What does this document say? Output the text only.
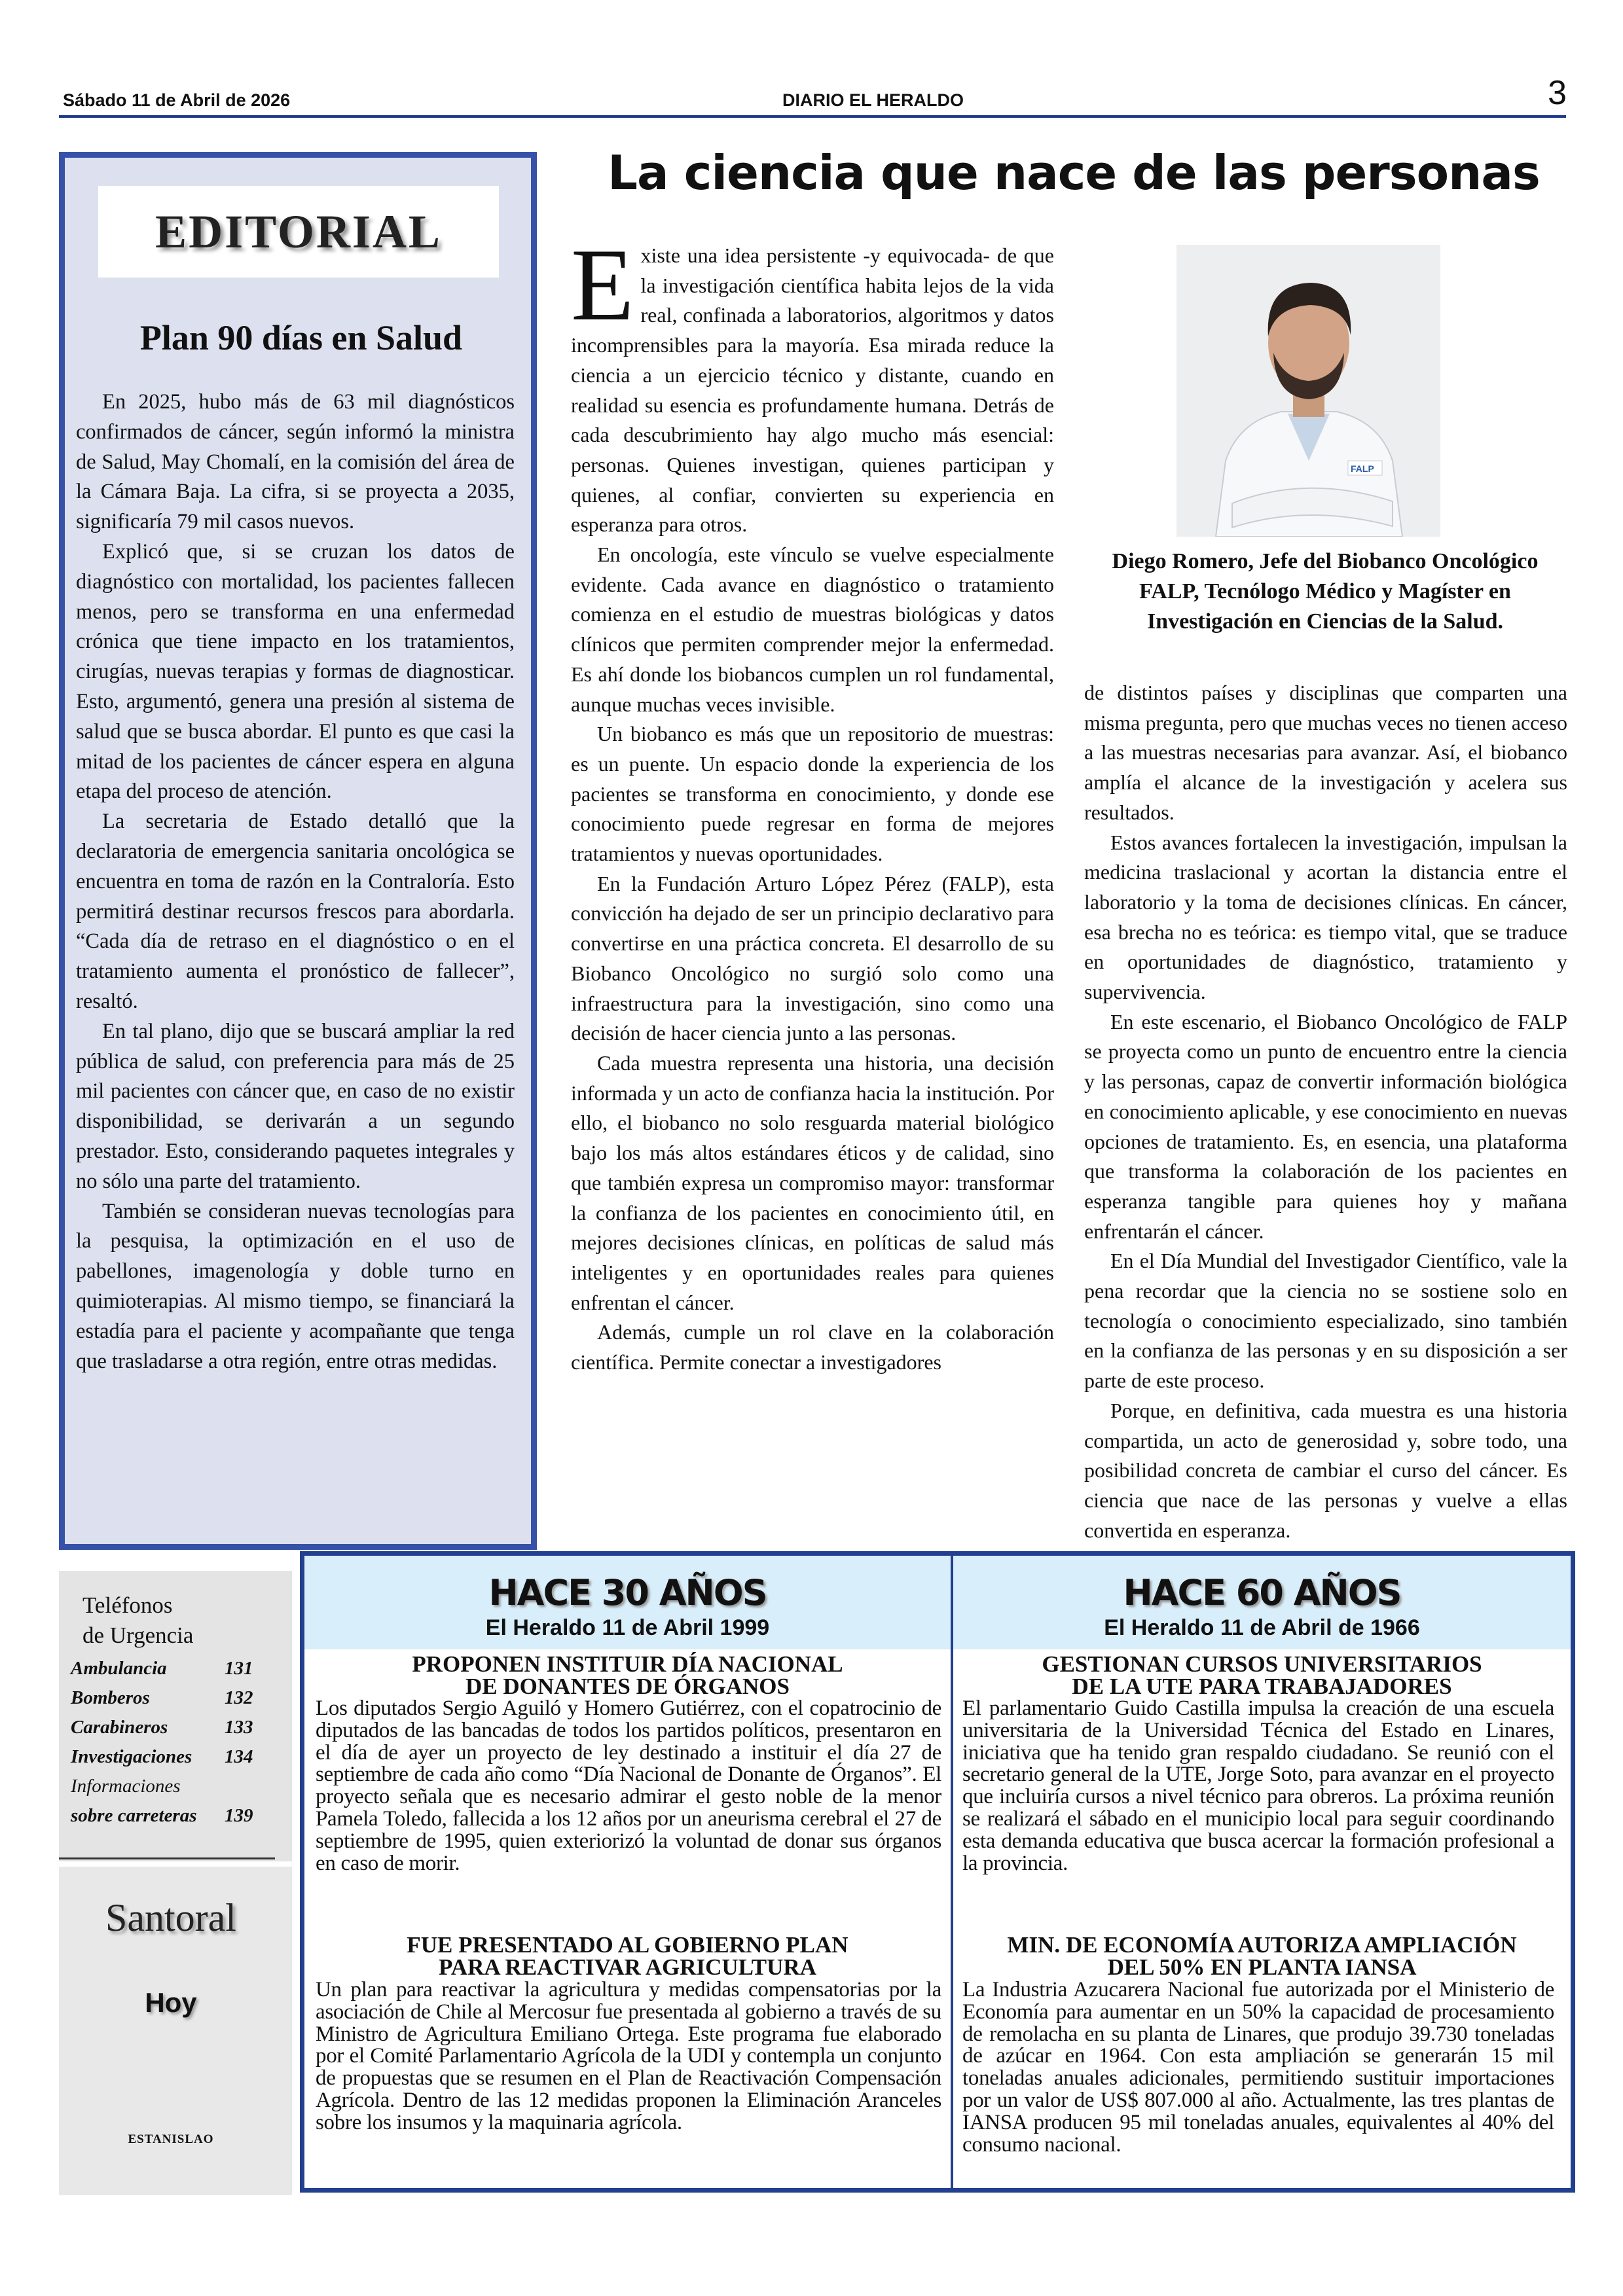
Sábado 11 de Abril de 2026	DIARIO EL HERALDO	3
EDITORIAL
Plan 90 días en Salud

En 2025, hubo más de 63 mil diagnósticos confirmados de cáncer, según informó la ministra de Salud, May Chomalí, en la comisión del área de la Cámara Baja. La cifra, si se proyecta a 2035, significaría 79 mil casos nuevos.

Explicó que, si se cruzan los datos de diagnóstico con mortalidad, los pacientes fallecen menos, pero se transforma en una enfermedad crónica que tiene impacto en los tratamientos, cirugías, nuevas terapias y formas de diagnosticar. Esto, argumentó, genera una presión al sistema de salud que se busca abordar. El punto es que casi la mitad de los pacientes de cáncer espera en alguna etapa del proceso de atención.

La secretaria de Estado detalló que la declaratoria de emergencia sanitaria oncológica se encuentra en toma de razón en la Contraloría. Esto permitirá destinar recursos frescos para abordarla. “Cada día de retraso en el diagnóstico o en el tratamiento aumenta el pronóstico de fallecer”, resaltó.

En tal plano, dijo que se buscará ampliar la red pública de salud, con preferencia para más de 25 mil pacientes con cáncer que, en caso de no existir disponibilidad, se derivarán a un segundo prestador. Esto, considerando paquetes integrales y no sólo una parte del tratamiento.

También se consideran nuevas tecnologías para la pesquisa, la optimización en el uso de pabellones, imagenología y doble turno en quimioterapias. Al mismo tiempo, se financiará la estadía para el paciente y acompañante que tenga que trasladarse a otra región, entre otras medidas.

La ciencia que nace de las personas

Existe una idea persistente -y equivocada- de que la investigación científica habita lejos de la vida real, confinada a laboratorios, algoritmos y datos incomprensibles para la mayoría. Esa mirada reduce la ciencia a un ejercicio técnico y distante, cuando en realidad su esencia es profundamente humana. Detrás de cada descubrimiento hay algo mucho más esencial: personas. Quienes investigan, quienes participan y quienes, al confiar, convierten su experiencia en esperanza para otros.

En oncología, este vínculo se vuelve especialmente evidente. Cada avance en diagnóstico o tratamiento comienza en el estudio de muestras biológicas y datos clínicos que permiten comprender mejor la enfermedad. Es ahí donde los biobancos cumplen un rol fundamental, aunque muchas veces invisible.

Un biobanco es más que un repositorio de muestras: es un puente. Un espacio donde la experiencia de los pacientes se transforma en conocimiento, y donde ese conocimiento puede regresar en forma de mejores tratamientos y nuevas oportunidades.

En la Fundación Arturo López Pérez (FALP), esta convicción ha dejado de ser un principio declarativo para convertirse en una práctica concreta. El desarrollo de su Biobanco Oncológico no surgió solo como una infraestructura para la investigación, sino como una decisión de hacer ciencia junto a las personas.

Cada muestra representa una historia, una decisión informada y un acto de confianza hacia la institución. Por ello, el biobanco no solo resguarda material biológico bajo los más altos estándares éticos y de calidad, sino que también expresa un compromiso mayor: transformar la confianza de los pacientes en conocimiento útil, en mejores decisiones clínicas, en políticas de salud más inteligentes y en oportunidades reales para quienes enfrentan el cáncer.

Además, cumple un rol clave en la colaboración científica. Permite conectar a investigadores

FALP
Diego Romero, Jefe del Biobanco Oncológico FALP, Tecnólogo Médico y Magíster en Investigación en Ciencias de la Salud.

de distintos países y disciplinas que comparten una misma pregunta, pero que muchas veces no tienen acceso a las muestras necesarias para avanzar. Así, el biobanco amplía el alcance de la investigación y acelera sus resultados.

Estos avances fortalecen la investigación, impulsan la medicina traslacional y acortan la distancia entre el laboratorio y la toma de decisiones clínicas. En cáncer, esa brecha no es teórica: es tiempo vital, que se traduce en oportunidades de diagnóstico, tratamiento y supervivencia.

En este escenario, el Biobanco Oncológico de FALP se proyecta como un punto de encuentro entre la ciencia y las personas, capaz de convertir información biológica en conocimiento aplicable, y ese conocimiento en nuevas opciones de tratamiento. Es, en esencia, una plataforma que transforma la colaboración de los pacientes en esperanza tangible para quienes hoy y mañana enfrentarán el cáncer.

En el Día Mundial del Investigador Científico, vale la pena recordar que la ciencia no se sostiene solo en tecnología o conocimiento especializado, sino también en la confianza de las personas y en su disposición a ser parte de este proceso.

Porque, en definitiva, cada muestra es una historia compartida, un acto de generosidad y, sobre todo, una posibilidad concreta de cambiar el curso del cáncer. Es ciencia que nace de las personas y vuelve a ellas convertida en esperanza.

Teléfonos
de Urgencia
Ambulancia	131
Bomberos	132
Carabineros	133
Investigaciones 134
Informaciones
sobre carreteras 139
Santoral
Hoy
ESTANISLAO
HACE 30 AÑOS
El Heraldo 11 de Abril 1999
PROPONEN INSTITUIR DÍA NACIONAL
DE DONANTES DE ÓRGANOS
Los diputados Sergio Aguiló y Homero Gutiérrez, con el copatrocinio de diputados de las bancadas de todos los partidos políticos, presentaron en el día de ayer un proyecto de ley destinado a instituir el día 27 de septiembre de cada año como “Día Nacional de Donante de Órganos”. El proyecto señala que es necesario admirar el gesto noble de la menor Pamela Toledo, fallecida a los 12 años por un aneurisma cerebral el 27 de septiembre de 1995, quien exteriorizó la voluntad de donar sus órganos en caso de morir.
FUE PRESENTADO AL GOBIERNO PLAN
PARA REACTIVAR AGRICULTURA
Un plan para reactivar la agricultura y medidas compensatorias por la asociación de Chile al Mercosur fue presentada al gobierno a través de su Ministro de Agricultura Emiliano Ortega. Este programa fue elaborado por el Comité Parlamentario Agrícola de la UDI y contempla un conjunto de propuestas que se resumen en el Plan de Reactivación Compensación Agrícola. Dentro de las 12 medidas proponen la Eliminación Aranceles sobre los insumos y la maquinaria agrícola.
HACE 60 AÑOS
El Heraldo 11 de Abril de 1966
GESTIONAN CURSOS UNIVERSITARIOS
DE LA UTE PARA TRABAJADORES
El parlamentario Guido Castilla impulsa la creación de una escuela universitaria de la Universidad Técnica del Estado en Linares, iniciativa que ha tenido gran respaldo ciudadano. Se reunió con el secretario general de la UTE, Jorge Soto, para avanzar en el proyecto que incluiría cursos a nivel técnico para obreros. La próxima reunión se realizará el sábado en el municipio local para seguir coordinando esta demanda educativa que busca acercar la formación profesional a la provincia.
MIN. DE ECONOMÍA AUTORIZA AMPLIACIÓN
DEL 50% EN PLANTA IANSA
La Industria Azucarera Nacional fue autorizada por el Ministerio de Economía para aumentar en un 50% la capacidad de procesamiento de remolacha en su planta de Linares, que produjo 39.730 toneladas de azúcar en 1964. Con esta ampliación se generarán 15 mil toneladas anuales adicionales, permitiendo sustituir importaciones por un valor de US$ 807.000 al año. Actualmente, las tres plantas de IANSA producen 95 mil toneladas anuales, equivalentes al 40% del consumo nacional.
